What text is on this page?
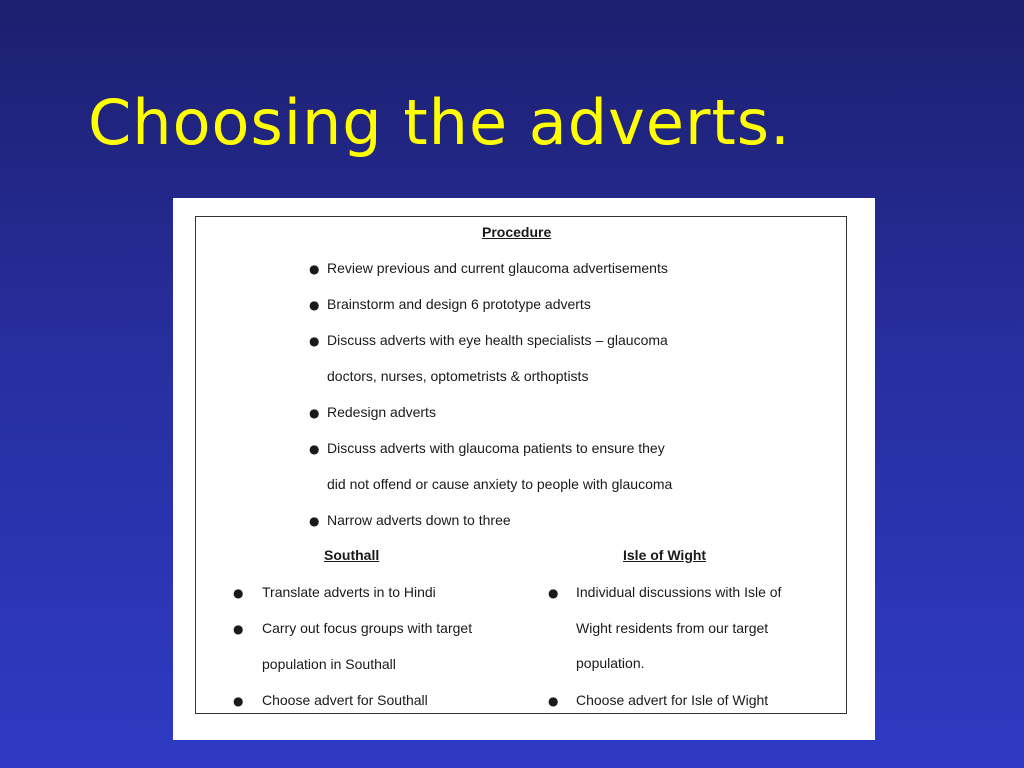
Choosing the adverts.
Procedure
● Review previous and current glaucoma advertisements
● Brainstorm and design 6 prototype adverts
● Discuss adverts with eye health specialists – glaucoma
doctors, nurses, optometrists & orthoptists
● Redesign adverts
● Discuss adverts with glaucoma patients to ensure they
did not offend or cause anxiety to people with glaucoma
● Narrow adverts down to three
Southall	Isle of Wight
● Translate adverts in to Hindi
● Carry out focus groups with target
population in Southall
● Choose advert for Southall
● Individual discussions with Isle of
Wight residents from our target
population.
● Choose advert for Isle of Wight
